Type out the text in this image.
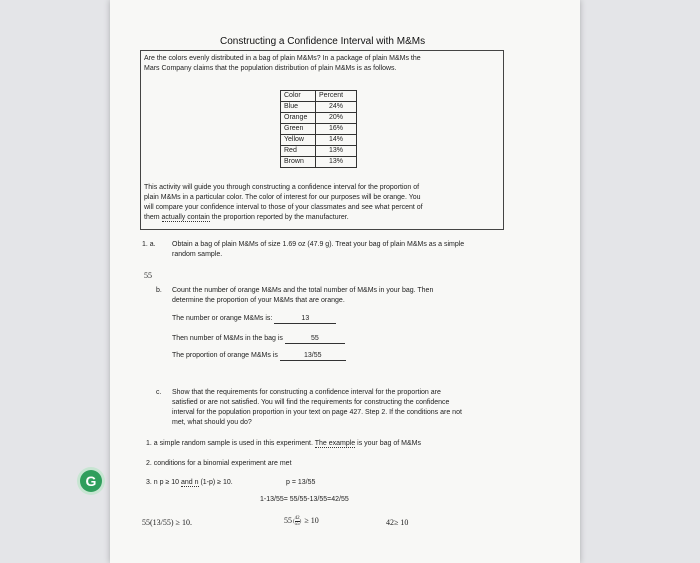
Constructing a Confidence Interval with M&Ms
Are the colors evenly distributed in a bag of plain M&Ms? In a package of plain M&Ms the
Mars Company claims that the population distribution of plain M&Ms is as follows.
Color	Percent
Blue	24%
Orange	20%
Green	16%
Yellow	14%
Red	13%
Brown	13%
This activity will guide you through constructing a confidence interval for the proportion of
plain M&Ms in a particular color. The color of interest for our purposes will be orange. You
will compare your confidence interval to those of your classmates and see what percent of
them actually contain the proportion reported by the manufacturer.
1. a. Obtain a bag of plain M&Ms of size 1.69 oz (47.9 g). Treat your bag of plain M&Ms as a simple
random sample.
55
b. Count the number of orange M&Ms and the total number of M&Ms in your bag. Then
determine the proportion of your M&Ms that are orange.
The number or orange M&Ms is:	13
Then number of M&Ms in the bag is	55
The proportion of orange M&Ms is	13/55
c. Show that the requirements for constructing a confidence interval for the proportion are
satisfied or are not satisfied. You will find the requirements for constructing the confidence
interval for the population proportion in your text on page 427. Step 2. If the conditions are not
met, what should you do?
1. a simple random sample is used in this experiment. The example is your bag of M&Ms
2. conditions for a binomial experiment are met
3. n p ≥ 10 and n (1-p) ≥ 10.	p = 13/55
1-13/55= 55/55-13/55=42/55
55(13/55) ≥ 10.	$55( \frac{42}{55}$ ) ≥ 10	42≥ 10
G
